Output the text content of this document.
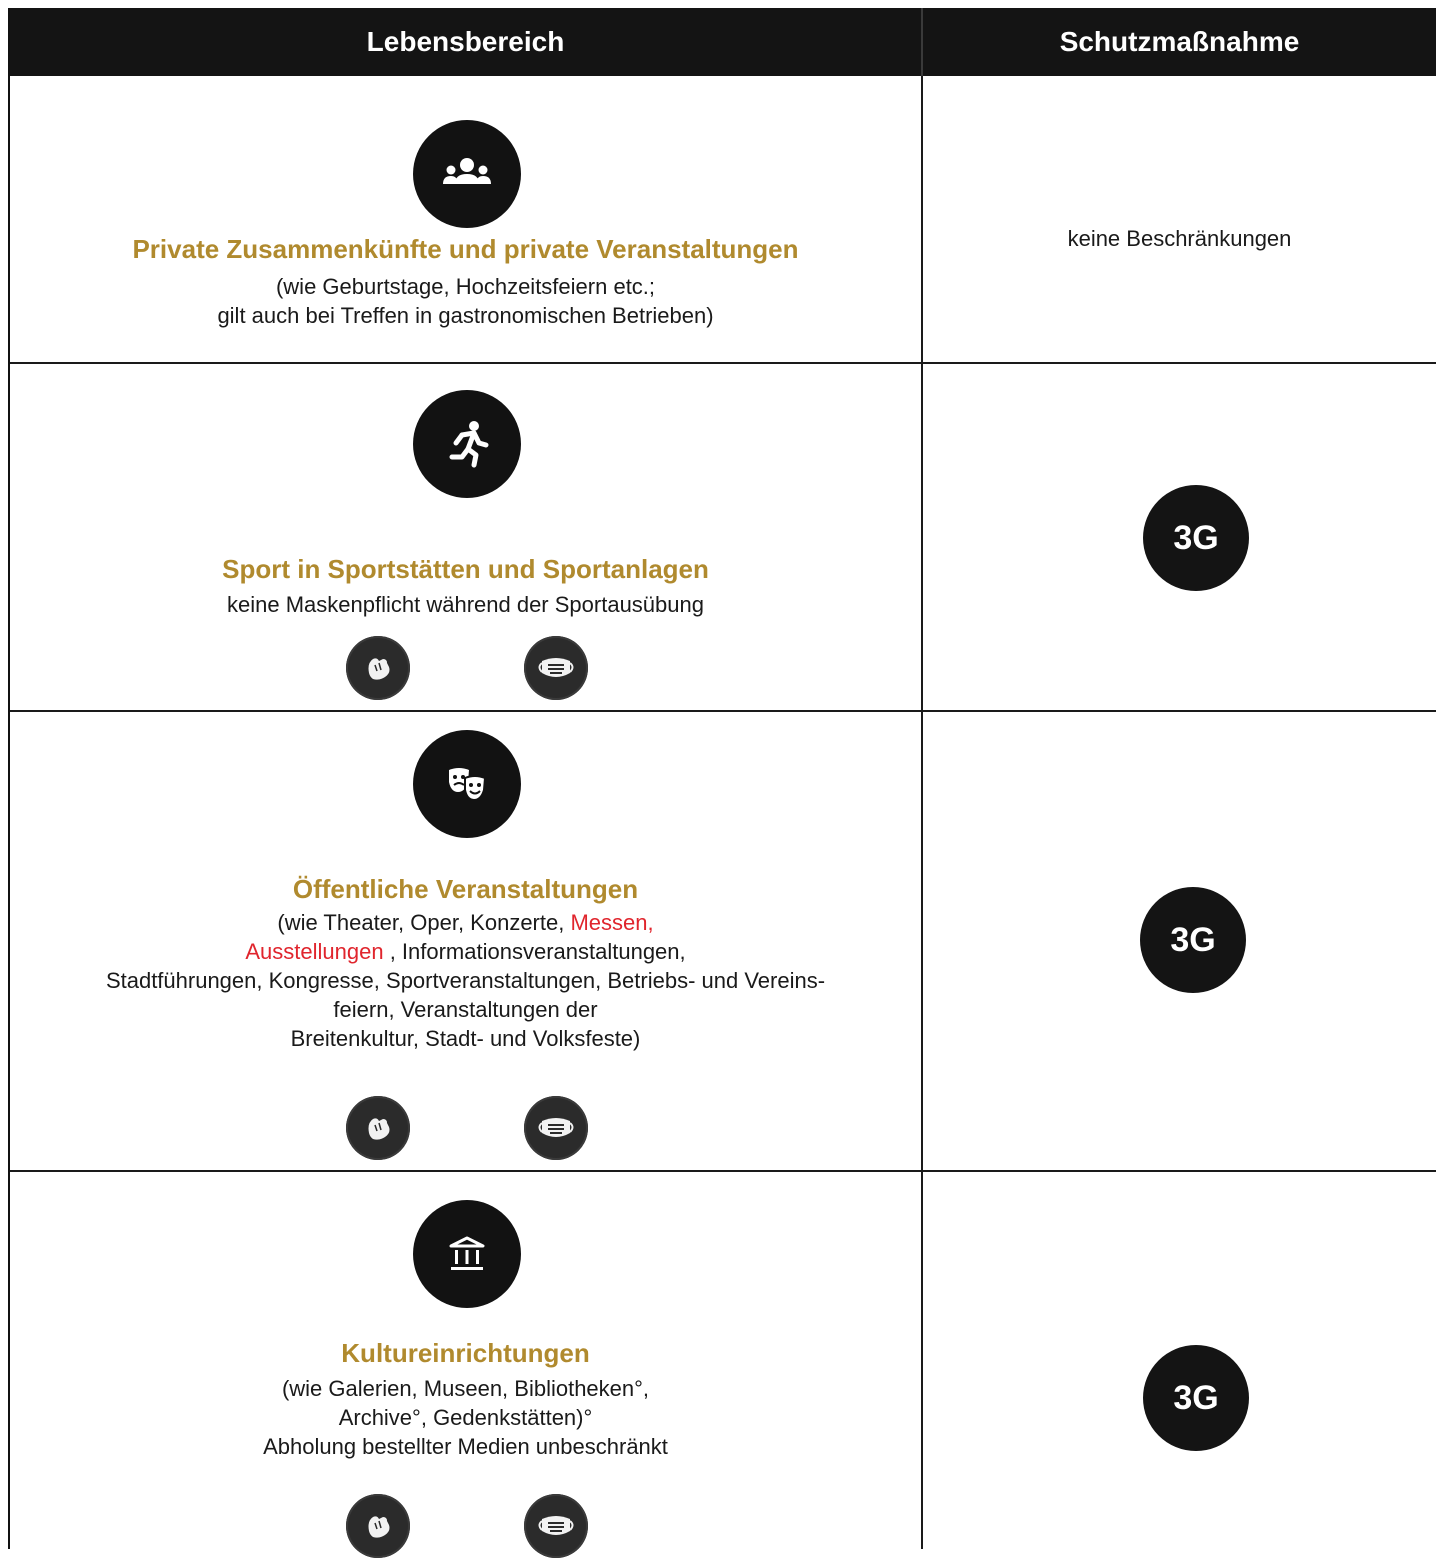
Lebensbereich	Schutzmaßnahme
Private Zusammenkünfte und private Veranstaltungen
(wie Geburtstage, Hochzeitsfeiern etc.;
gilt auch bei Treffen in gastronomischen Betrieben)
keine Beschränkungen
Sport in Sportstätten und Sportanlagen
keine Maskenpflicht während der Sportausübung
3G
Öffentliche Veranstaltungen
(wie Theater, Oper, Konzerte, Messen,
Ausstellungen , Informationsveranstaltungen,
Stadtführungen, Kongresse, Sportveranstaltungen, Betriebs- und Vereins-
feiern, Veranstaltungen der
Breitenkultur, Stadt- und Volksfeste)
3G
Kultureinrichtungen
(wie Galerien, Museen, Bibliotheken°,
Archive°, Gedenkstätten)°
Abholung bestellter Medien unbeschränkt
3G
